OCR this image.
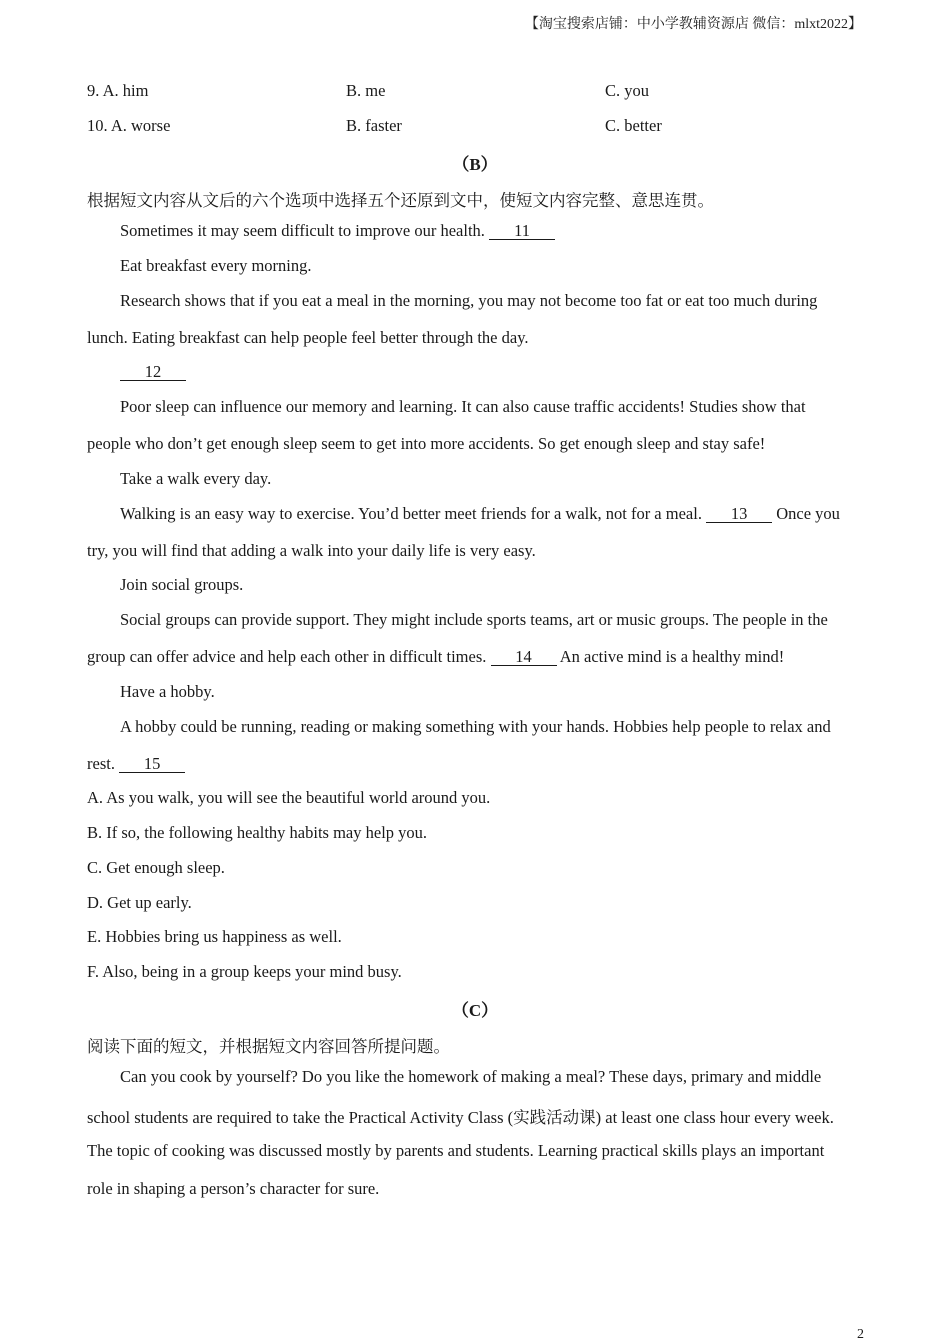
【淘宝搜索店铺：中小学教辅资源店 微信：mlxt2022】
9. A. him	B. me	C. you
10. A. worse	B. faster	C. better
（B）
根据短文内容从文后的六个选项中选择五个还原到文中，使短文内容完整、意思连贯。
Sometimes it may seem difficult to improve our health. 11
Eat breakfast every morning.
Research shows that if you eat a meal in the morning, you may not become too fat or eat too much during
lunch. Eating breakfast can help people feel better through the day.
12
Poor sleep can influence our memory and learning. It can also cause traffic accidents! Studies show that
people who don’t get enough sleep seem to get into more accidents. So get enough sleep and stay safe!
Take a walk every day.
Walking is an easy way to exercise. You’d better meet friends for a walk, not for a meal. 13 Once you
try, you will find that adding a walk into your daily life is very easy.
Join social groups.
Social groups can provide support. They might include sports teams, art or music groups. The people in the
group can offer advice and help each other in difficult times. 14 An active mind is a healthy mind!
Have a hobby.
A hobby could be running, reading or making something with your hands. Hobbies help people to relax and
rest. 15
A. As you walk, you will see the beautiful world around you.
B. If so, the following healthy habits may help you.
C. Get enough sleep.
D. Get up early.
E. Hobbies bring us happiness as well.
F. Also, being in a group keeps your mind busy.
（C）
阅读下面的短文，并根据短文内容回答所提问题。
Can you cook by yourself? Do you like the homework of making a meal? These days, primary and middle
school students are required to take the Practical Activity Class (实践活动课) at least one class hour every week.
The topic of cooking was discussed mostly by parents and students. Learning practical skills plays an important
role in shaping a person’s character for sure.
2
